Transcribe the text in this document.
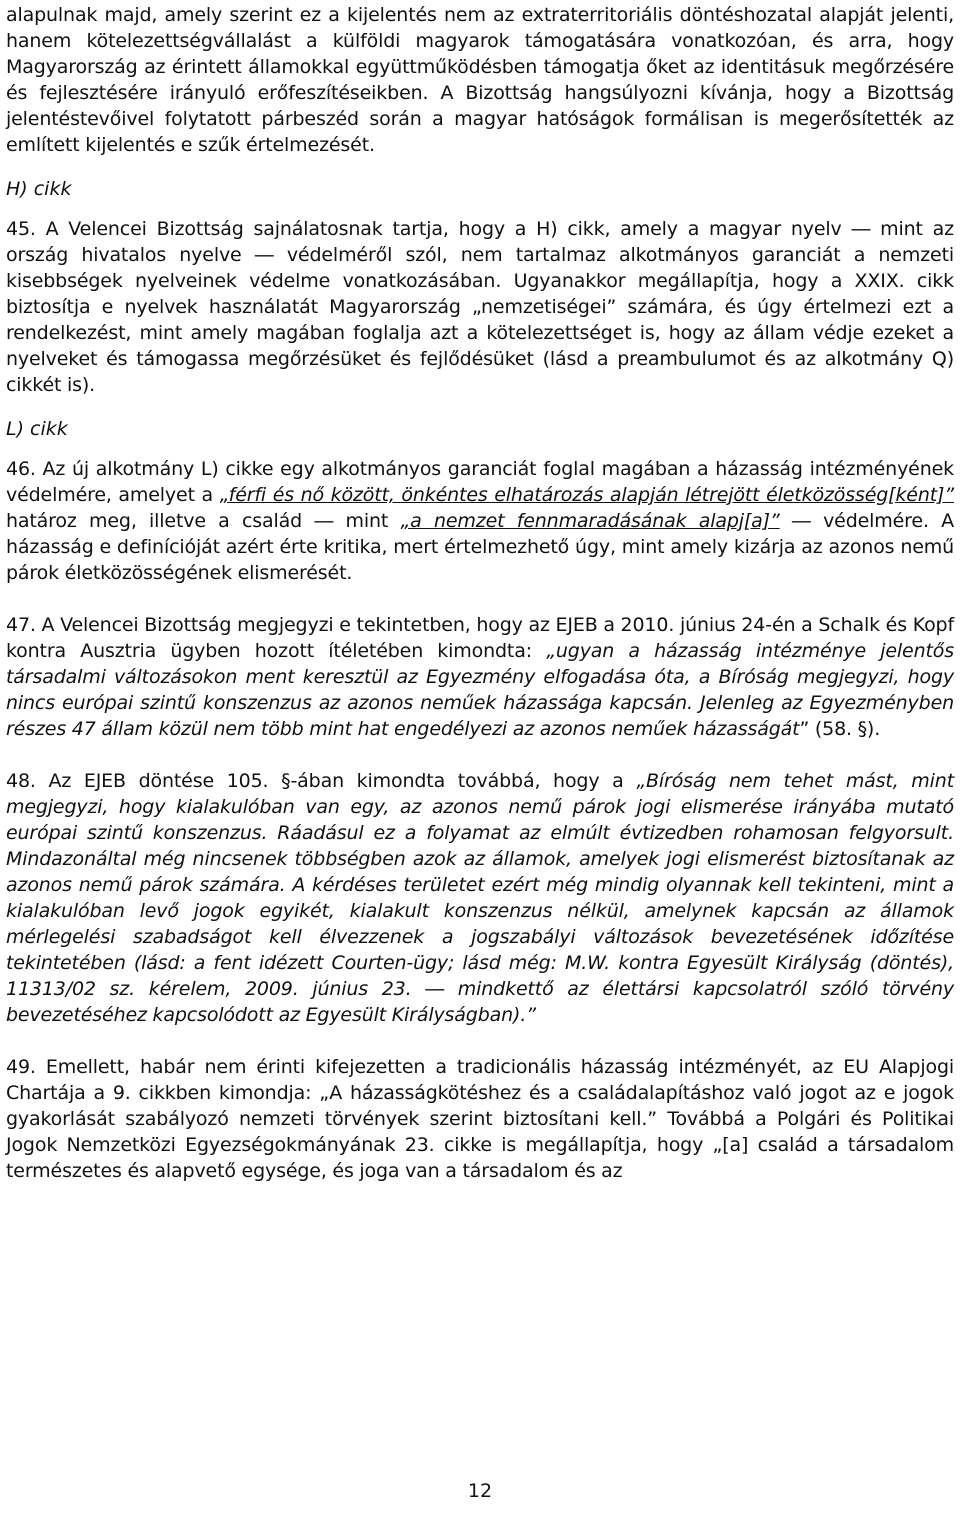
alapulnak majd, amely szerint ez a kijelentés nem az extraterritoriális döntéshozatal alapját jelenti, hanem kötelezettségvállalást a külföldi magyarok támogatására vonatkozóan, és arra, hogy Magyarország az érintett államokkal együttműködésben támogatja őket az identitásuk megőrzésére és fejlesztésére irányuló erőfeszítéseikben. A Bizottság hangsúlyozni kívánja, hogy a Bizottság jelentéstevőivel folytatott párbeszéd során a magyar hatóságok formálisan is megerősítették az említett kijelentés e szűk értelmezését.

H) cikk

45. A Velencei Bizottság sajnálatosnak tartja, hogy a H) cikk, amely a magyar nyelv ― mint az ország hivatalos nyelve ― védelméről szól, nem tartalmaz alkotmányos garanciát a nemzeti kisebbségek nyelveinek védelme vonatkozásában. Ugyanakkor megállapítja, hogy a XXIX. cikk biztosítja e nyelvek használatát Magyarország „nemzetiségei” számára, és úgy értelmezi ezt a rendelkezést, mint amely magában foglalja azt a kötelezettséget is, hogy az állam védje ezeket a nyelveket és támogassa megőrzésüket és fejlődésüket (lásd a preambulumot és az alkotmány Q) cikkét is).

L) cikk

46. Az új alkotmány L) cikke egy alkotmányos garanciát foglal magában a házasság intézményének védelmére, amelyet a „férfi és nő között, önkéntes elhatározás alapján létrejött életközösség[ként]” határoz meg, illetve a család ― mint „a nemzet fennmaradásának alapj[a]” ― védelmére. A házasság e definícióját azért érte kritika, mert értelmezhető úgy, mint amely kizárja az azonos nemű párok életközösségének elismerését.

47. A Velencei Bizottság megjegyzi e tekintetben, hogy az EJEB a 2010. június 24-én a Schalk és Kopf kontra Ausztria ügyben hozott ítéletében kimondta: „ugyan a házasság intézménye jelentős társadalmi változásokon ment keresztül az Egyezmény elfogadása óta, a Bíróság megjegyzi, hogy nincs európai szintű konszenzus az azonos neműek házassága kapcsán. Jelenleg az Egyezményben részes 47 állam közül nem több mint hat engedélyezi az azonos neműek házasságát” (58. §).

48. Az EJEB döntése 105. §-ában kimondta továbbá, hogy a „Bíróság nem tehet mást, mint megjegyzi, hogy kialakulóban van egy, az azonos nemű párok jogi elismerése irányába mutató európai szintű konszenzus. Ráadásul ez a folyamat az elmúlt évtizedben rohamosan felgyorsult. Mindazonáltal még nincsenek többségben azok az államok, amelyek jogi elismerést biztosítanak az azonos nemű párok számára. A kérdéses területet ezért még mindig olyannak kell tekinteni, mint a kialakulóban levő jogok egyikét, kialakult konszenzus nélkül, amelynek kapcsán az államok mérlegelési szabadságot kell élvezzenek a jogszabályi változások bevezetésének időzítése tekintetében (lásd: a fent idézett Courten-ügy; lásd még: M.W. kontra Egyesült Királyság (döntés), 11313/02 sz. kérelem, 2009. június 23. ― mindkettő az élettársi kapcsolatról szóló törvény bevezetéséhez kapcsolódott az Egyesült Királyságban).”

49. Emellett, habár nem érinti kifejezetten a tradicionális házasság intézményét, az EU Alapjogi Chartája a 9. cikkben kimondja: „A házasságkötéshez és a családalapításhoz való jogot az e jogok gyakorlását szabályozó nemzeti törvények szerint biztosítani kell.” Továbbá a Polgári és Politikai Jogok Nemzetközi Egyezségokmányának 23. cikke is megállapítja, hogy „[a] család a társadalom természetes és alapvető egysége, és joga van a társadalom és az

12
